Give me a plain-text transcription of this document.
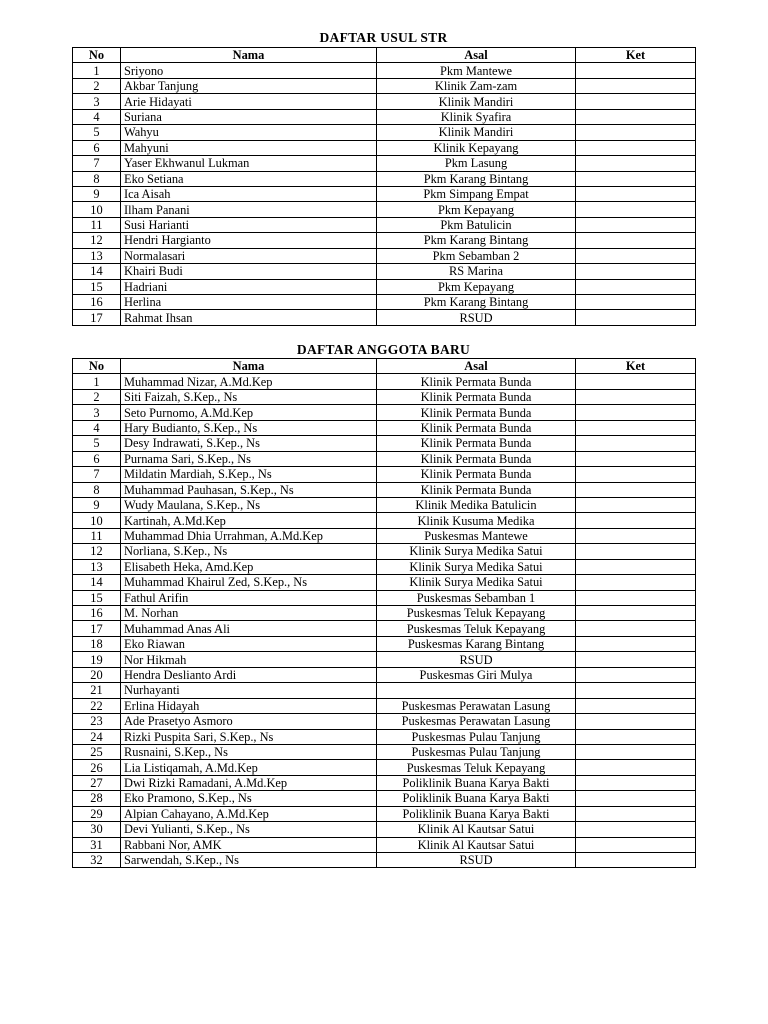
DAFTAR USUL STR
No	Nama	Asal	Ket
1	Sriyono	Pkm Mantewe	
2	Akbar Tanjung	Klinik Zam-zam	
3	Arie Hidayati	Klinik Mandiri	
4	Suriana	Klinik Syafira	
5	Wahyu	Klinik Mandiri	
6	Mahyuni	Klinik Kepayang	
7	Yaser Ekhwanul Lukman	Pkm Lasung	
8	Eko Setiana	Pkm Karang Bintang	
9	Ica Aisah	Pkm Simpang Empat	
10	Ilham Panani	Pkm Kepayang	
11	Susi Harianti	Pkm Batulicin	
12	Hendri Hargianto	Pkm Karang Bintang	
13	Normalasari	Pkm Sebamban 2	
14	Khairi Budi	RS Marina	
15	Hadriani	Pkm Kepayang	
16	Herlina	Pkm Karang Bintang	
17	Rahmat Ihsan	RSUD	
DAFTAR ANGGOTA BARU
No	Nama	Asal	Ket
1	Muhammad Nizar, A.Md.Kep	Klinik Permata Bunda	
2	Siti Faizah, S.Kep., Ns	Klinik Permata Bunda	
3	Seto Purnomo, A.Md.Kep	Klinik Permata Bunda	
4	Hary Budianto, S.Kep., Ns	Klinik Permata Bunda	
5	Desy Indrawati, S.Kep., Ns	Klinik Permata Bunda	
6	Purnama Sari, S.Kep., Ns	Klinik Permata Bunda	
7	Mildatin Mardiah, S.Kep., Ns	Klinik Permata Bunda	
8	Muhammad Pauhasan, S.Kep., Ns	Klinik Permata Bunda	
9	Wudy Maulana, S.Kep., Ns	Klinik Medika Batulicin	
10	Kartinah, A.Md.Kep	Klinik Kusuma Medika	
11	Muhammad Dhia Urrahman, A.Md.Kep	Puskesmas Mantewe	
12	Norliana, S.Kep., Ns	Klinik Surya Medika Satui	
13	Elisabeth Heka, Amd.Kep	Klinik Surya Medika Satui	
14	Muhammad Khairul Zed, S.Kep., Ns	Klinik Surya Medika Satui	
15	Fathul Arifin	Puskesmas Sebamban 1	
16	M. Norhan	Puskesmas Teluk Kepayang	
17	Muhammad Anas Ali	Puskesmas Teluk Kepayang	
18	Eko Riawan	Puskesmas Karang Bintang	
19	Nor Hikmah	RSUD	
20	Hendra Deslianto Ardi	Puskesmas Giri Mulya	
21	Nurhayanti		
22	Erlina Hidayah	Puskesmas Perawatan Lasung	
23	Ade Prasetyo Asmoro	Puskesmas Perawatan Lasung	
24	Rizki Puspita Sari, S.Kep., Ns	Puskesmas Pulau Tanjung	
25	Rusnaini, S.Kep., Ns	Puskesmas Pulau Tanjung	
26	Lia Listiqamah, A.Md.Kep	Puskesmas Teluk Kepayang	
27	Dwi Rizki Ramadani, A.Md.Kep	Poliklinik Buana Karya Bakti	
28	Eko Pramono, S.Kep., Ns	Poliklinik Buana Karya Bakti	
29	Alpian Cahayano, A.Md.Kep	Poliklinik Buana Karya Bakti	
30	Devi Yulianti, S.Kep., Ns	Klinik Al Kautsar Satui	
31	Rabbani Nor, AMK	Klinik Al Kautsar Satui	
32	Sarwendah, S.Kep., Ns	RSUD	
